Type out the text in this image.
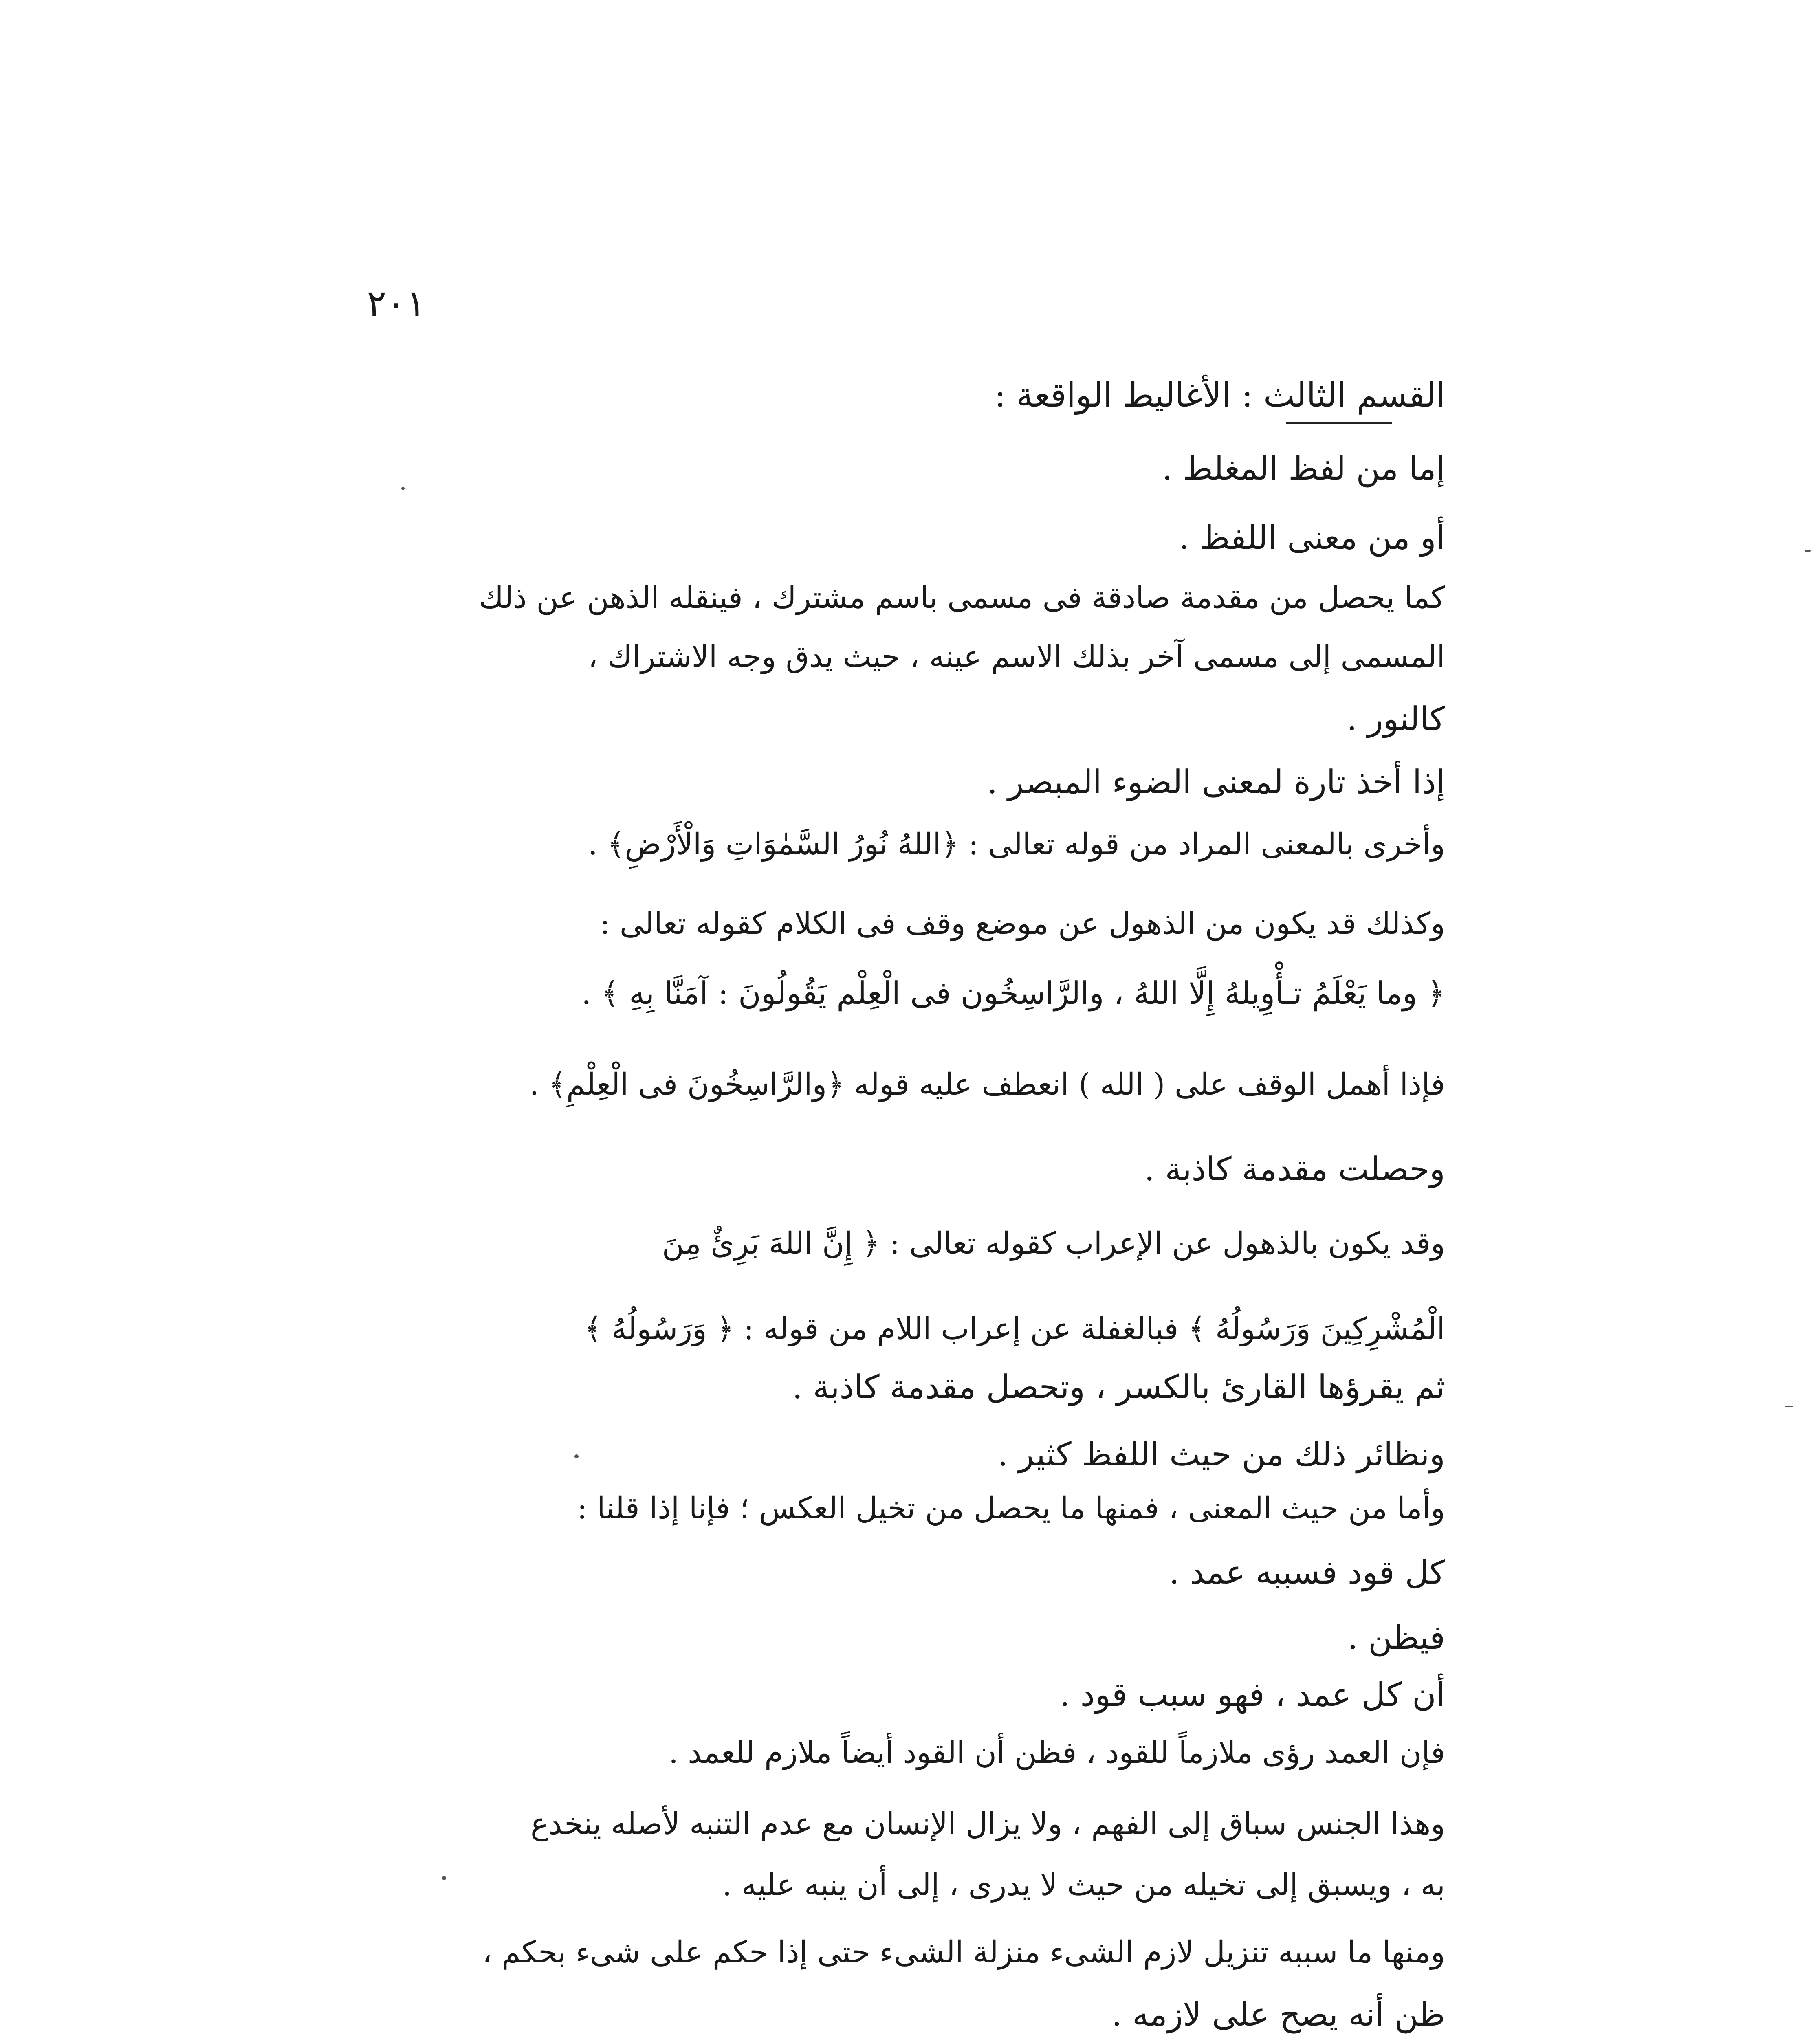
٢٠١
القسم الثالث : الأغاليط الواقعة :
إما من لفظ المغلط .
أو من معنى اللفظ .
كما يحصل من مقدمة صادقة فى مسمى باسم مشترك ، فينقله الذهن عن ذلك
المسمى إلى مسمى آخر بذلك الاسم عينه ، حيث يدق وجه الاشتراك ،
كالنور .
إذا أخذ تارة لمعنى الضوء المبصر .
وأخرى بالمعنى المراد من قوله تعالى : ﴿اللهُ نُورُ السَّمٰوَاتِ وَالْأَرْضِ﴾ .
وكذلك قد يكون من الذهول عن موضع وقف فى الكلام كقوله تعالى :
﴿ وما يَعْلَمُ تـأْوِيلهُ إِلَّا اللهُ ، والرَّاسِخُون فى الْعِلْم يَقُولُونَ : آمَنَّا بِهِ ﴾ .
فإذا أهمل الوقف على ( الله ) انعطف عليه قوله ﴿والرَّاسِخُونَ فى الْعِلْمِ﴾ .
وحصلت مقدمة كاذبة .
وقد يكون بالذهول عن الإعراب كقوله تعالى : ﴿ إِنَّ اللهَ بَرِئٌ مِنَ
الْمُشْرِكِينَ وَرَسُولُهُ ﴾ فبالغفلة عن إعراب اللام من قوله : ﴿ وَرَسُولُهُ ﴾
ثم يقرؤها القارئ بالكسر ، وتحصل مقدمة كاذبة .
ونظائر ذلك من حيث اللفظ كثير .
وأما من حيث المعنى ، فمنها ما يحصل من تخيل العكس ؛ فإنا إذا قلنا :
كل قود فسببه عمد .
فيظن .
أن كل عمد ، فهو سبب قود .
فإن العمد رؤى ملازماً للقود ، فظن أن القود أيضاً ملازم للعمد .
وهذا الجنس سباق إلى الفهم ، ولا يزال الإنسان مع عدم التنبه لأصله ينخدع
به ، ويسبق إلى تخيله من حيث لا يدرى ، إلى أن ينبه عليه .
ومنها ما سببه تنزيل لازم الشىء منزلة الشىء حتى إذا حكم على شىء بحكم ،
ظن أنه يصح على لازمه .
